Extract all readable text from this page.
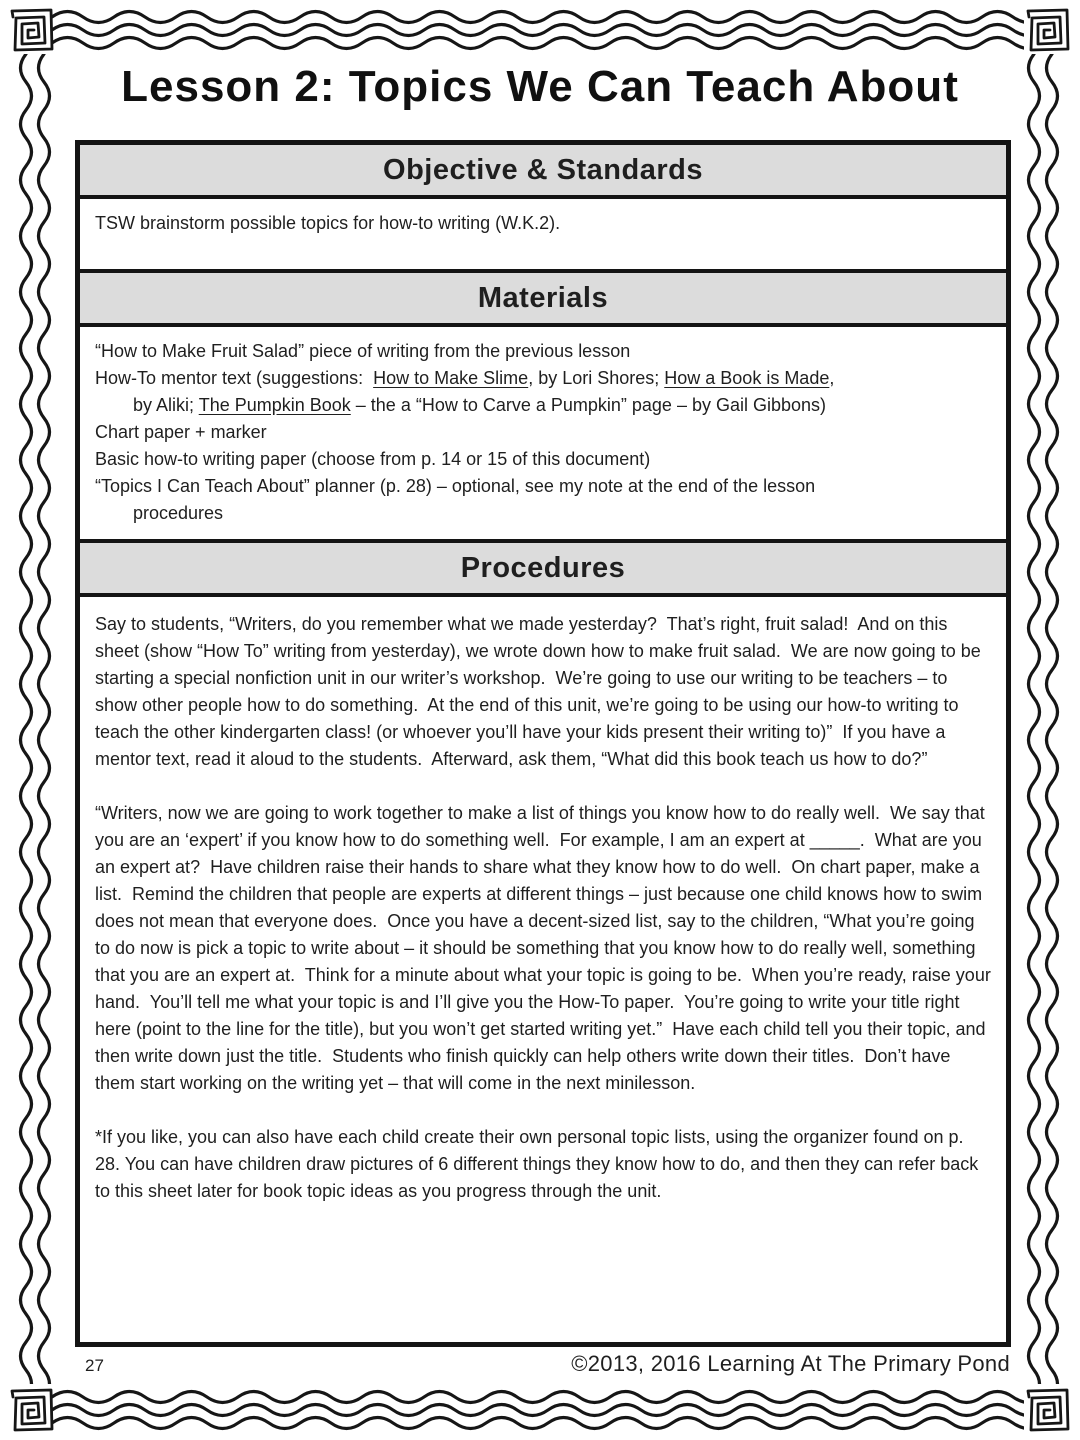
Lesson 2: Topics We Can Teach About
Objective & Standards
TSW brainstorm possible topics for how-to writing (W.K.2).
Materials
“How to Make Fruit Salad” piece of writing from the previous lesson
How-To mentor text (suggestions:  How to Make Slime, by Lori Shores; How a Book is Made,
by Aliki; The Pumpkin Book – the a “How to Carve a Pumpkin” page – by Gail Gibbons)
Chart paper + marker
Basic how-to writing paper (choose from p. 14 or 15 of this document)
“Topics I Can Teach About” planner (p. 28) – optional, see my note at the end of the lesson
procedures
Procedures

Say to students, “Writers, do you remember what we made yesterday?  That’s right, fruit salad!  And on this sheet (show “How To” writing from yesterday), we wrote down how to make fruit salad.  We are now going to be starting a special nonfiction unit in our writer’s workshop.  We’re going to use our writing to be teachers – to show other people how to do something.  At the end of this unit, we’re going to be using our how-to writing to teach the other kindergarten class! (or whoever you’ll have your kids present their writing to)”  If you have a mentor text, read it aloud to the students.  Afterward, ask them, “What did this book teach us how to do?”

“Writers, now we are going to work together to make a list of things you know how to do really well.  We say that you are an ‘expert’ if you know how to do something well.  For example, I am an expert at _____.  What are you an expert at?  Have children raise their hands to share what they know how to do well.  On chart paper, make a list.  Remind the children that people are experts at different things – just because one child knows how to swim does not mean that everyone does.  Once you have a decent-sized list, say to the children, “What you’re going to do now is pick a topic to write about – it should be something that you know how to do really well, something that you are an expert at.  Think for a minute about what your topic is going to be.  When you’re ready, raise your hand.  You’ll tell me what your topic is and I’ll give you the How-To paper.  You’re going to write your title right here (point to the line for the title), but you won’t get started writing yet.”  Have each child tell you their topic, and then write down just the title.  Students who finish quickly can help others write down their titles.  Don’t have them start working on the writing yet – that will come in the next minilesson.

*If you like, you can also have each child create their own personal topic lists, using the organizer found on p. 28. You can have children draw pictures of 6 different things they know how to do, and then they can refer back to this sheet later for book topic ideas as you progress through the unit.

27	©2013, 2016 Learning At The Primary Pond
